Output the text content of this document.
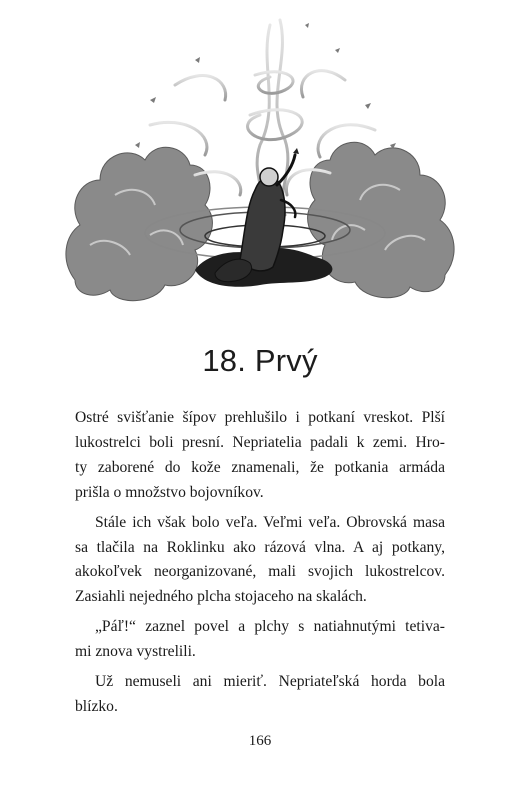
18. Prvý

Ostré svišťanie šípov prehlušilo i potkaní vreskot. Plší
lukostrelci boli presní. Nepriatelia padali k zemi. Hro-
ty zaborené do kože znamenali, že potkania armáda
prišla o množstvo bojovníkov.

Stále ich však bolo veľa. Veľmi veľa. Obrovská masa
sa tlačila na Roklinku ako rázová vlna. A aj potkany,
akokoľvek neorganizované, mali svojich lukostrelcov.
Zasiahli nejedného plcha stojaceho na skalách.

„Páľ!“ zaznel povel a plchy s natiahnutými tetiva-
mi znova vystrelili.

Už nemuseli ani mieriť. Nepriateľská horda bola
blízko.

166
